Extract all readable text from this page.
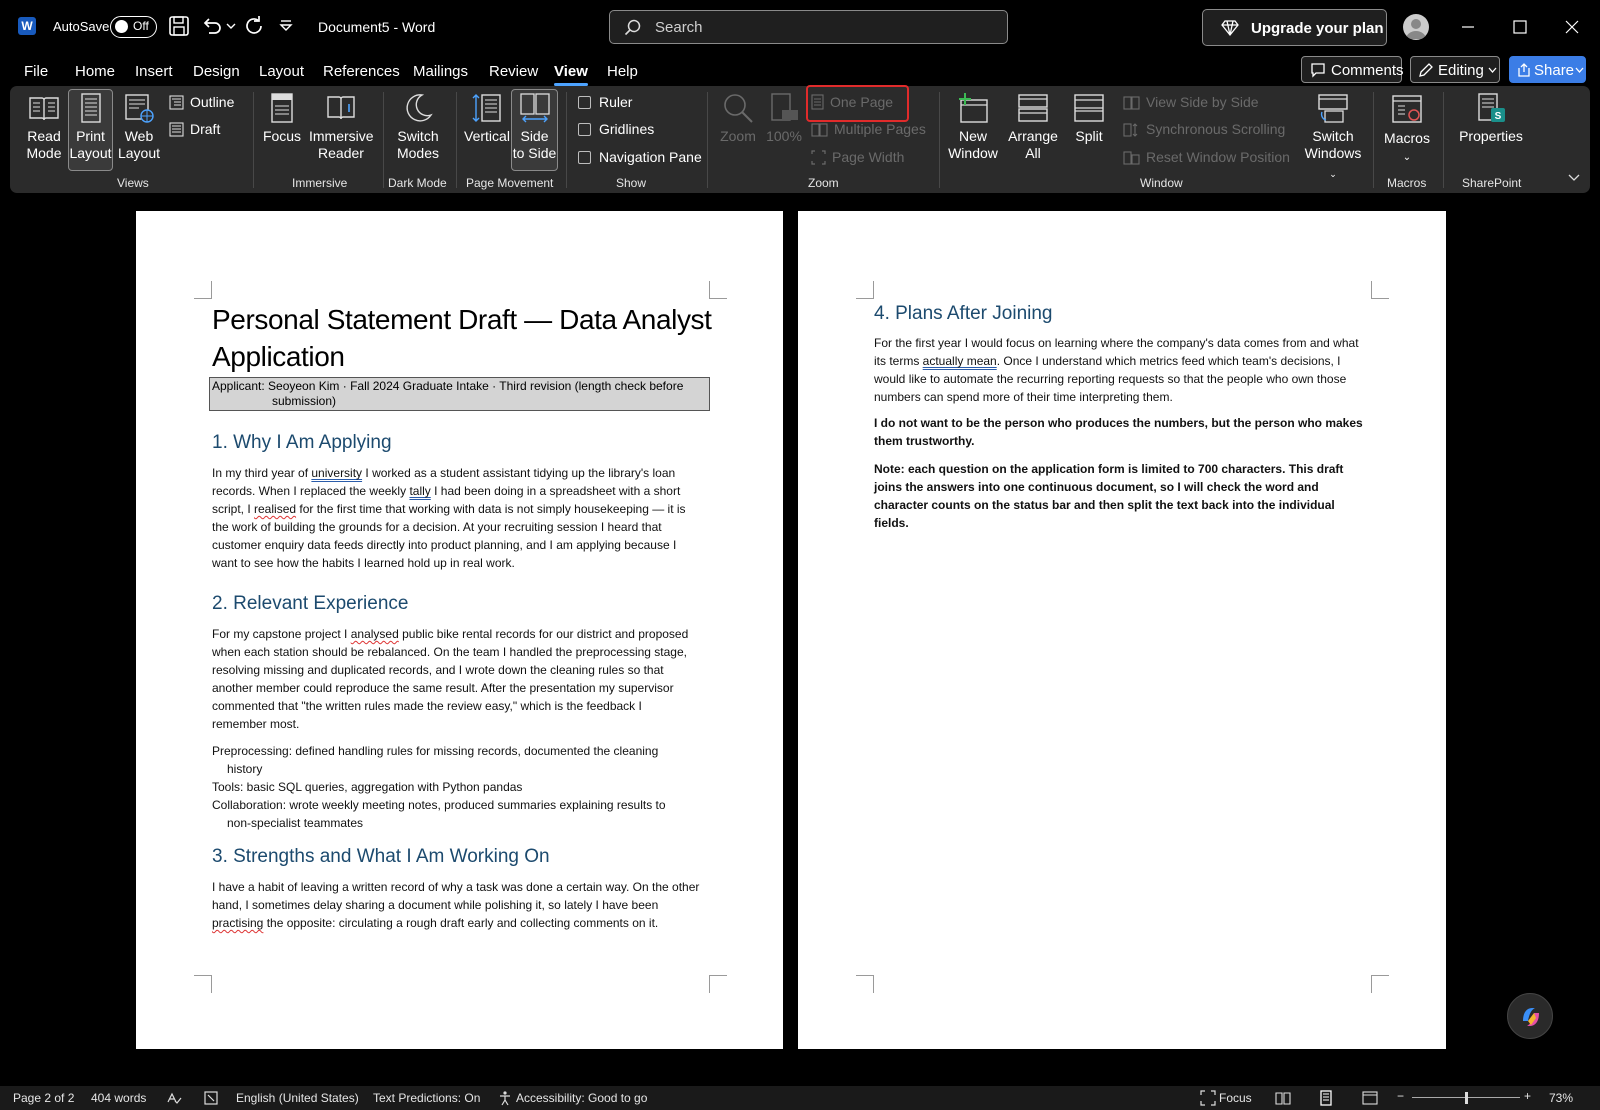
W AutoSave Off	Document5 - Word	Search	Upgrade your plan
File Home Insert Design Layout References Mailings Review View Help	Comments Editing	Share
Read
Mode
Print
Layout
Web
Layout
Outline
Draft
Views
Focus Immersive
Reader
Immersive
Switch
Modes
Dark Mode
Vertical Side
to Side
Page Movement
Ruler
Gridlines
Navigation Pane
Show
Zoom 100%
One Page
Multiple Pages
Page Width
Zoom
New
Window
Arrange
All
Split
View Side by Side
Synchronous Scrolling
Reset Window Position
Switch
Windows ⌄
Window
Macros
⌄
Macros
S
Properties
SharePoint
Personal Statement Draft — Data Analyst
Application
Applicant: Seoyeon Kim · Fall 2024 Graduate Intake · Third revision (length check before
submission)
1. Why I Am Applying
In my third year of university I worked as a student assistant tidying up the library's loan
records. When I replaced the weekly tally I had been doing in a spreadsheet with a short
script, I realised for the first time that working with data is not simply housekeeping — it is
the work of building the grounds for a decision. At your recruiting session I heard that
customer enquiry data feeds directly into product planning, and I am applying because I
want to see how the habits I learned hold up in real work.
2. Relevant Experience
For my capstone project I analysed public bike rental records for our district and proposed
when each station should be rebalanced. On the team I handled the preprocessing stage,
resolving missing and duplicated records, and I wrote down the cleaning rules so that
another member could reproduce the same result. After the presentation my supervisor
commented that "the written rules made the review easy," which is the feedback I
remember most.
Preprocessing: defined handling rules for missing records, documented the cleaning
history
Tools: basic SQL queries, aggregation with Python pandas
Collaboration: wrote weekly meeting notes, produced summaries explaining results to
non-specialist teammates
3. Strengths and What I Am Working On
I have a habit of leaving a written record of why a task was done a certain way. On the other
hand, I sometimes delay sharing a document while polishing it, so lately I have been
practising the opposite: circulating a rough draft early and collecting comments on it.
4. Plans After Joining
For the first year I would focus on learning where the company's data comes from and what
its terms actually mean. Once I understand which metrics feed which team's decisions, I
would like to automate the recurring reporting requests so that the people who own those
numbers can spend more of their time interpreting them.
I do not want to be the person who produces the numbers, but the person who makes
them trustworthy.
Note: each question on the application form is limited to 700 characters. This draft
joins the answers into one continuous document, so I will check the word and
character counts on the status bar and then split the text back into the individual
fields.
Page 2 of 2 404 words	English (United States) Text Predictions: On	Accessibility: Good to go	Focus	−	+ 73%
